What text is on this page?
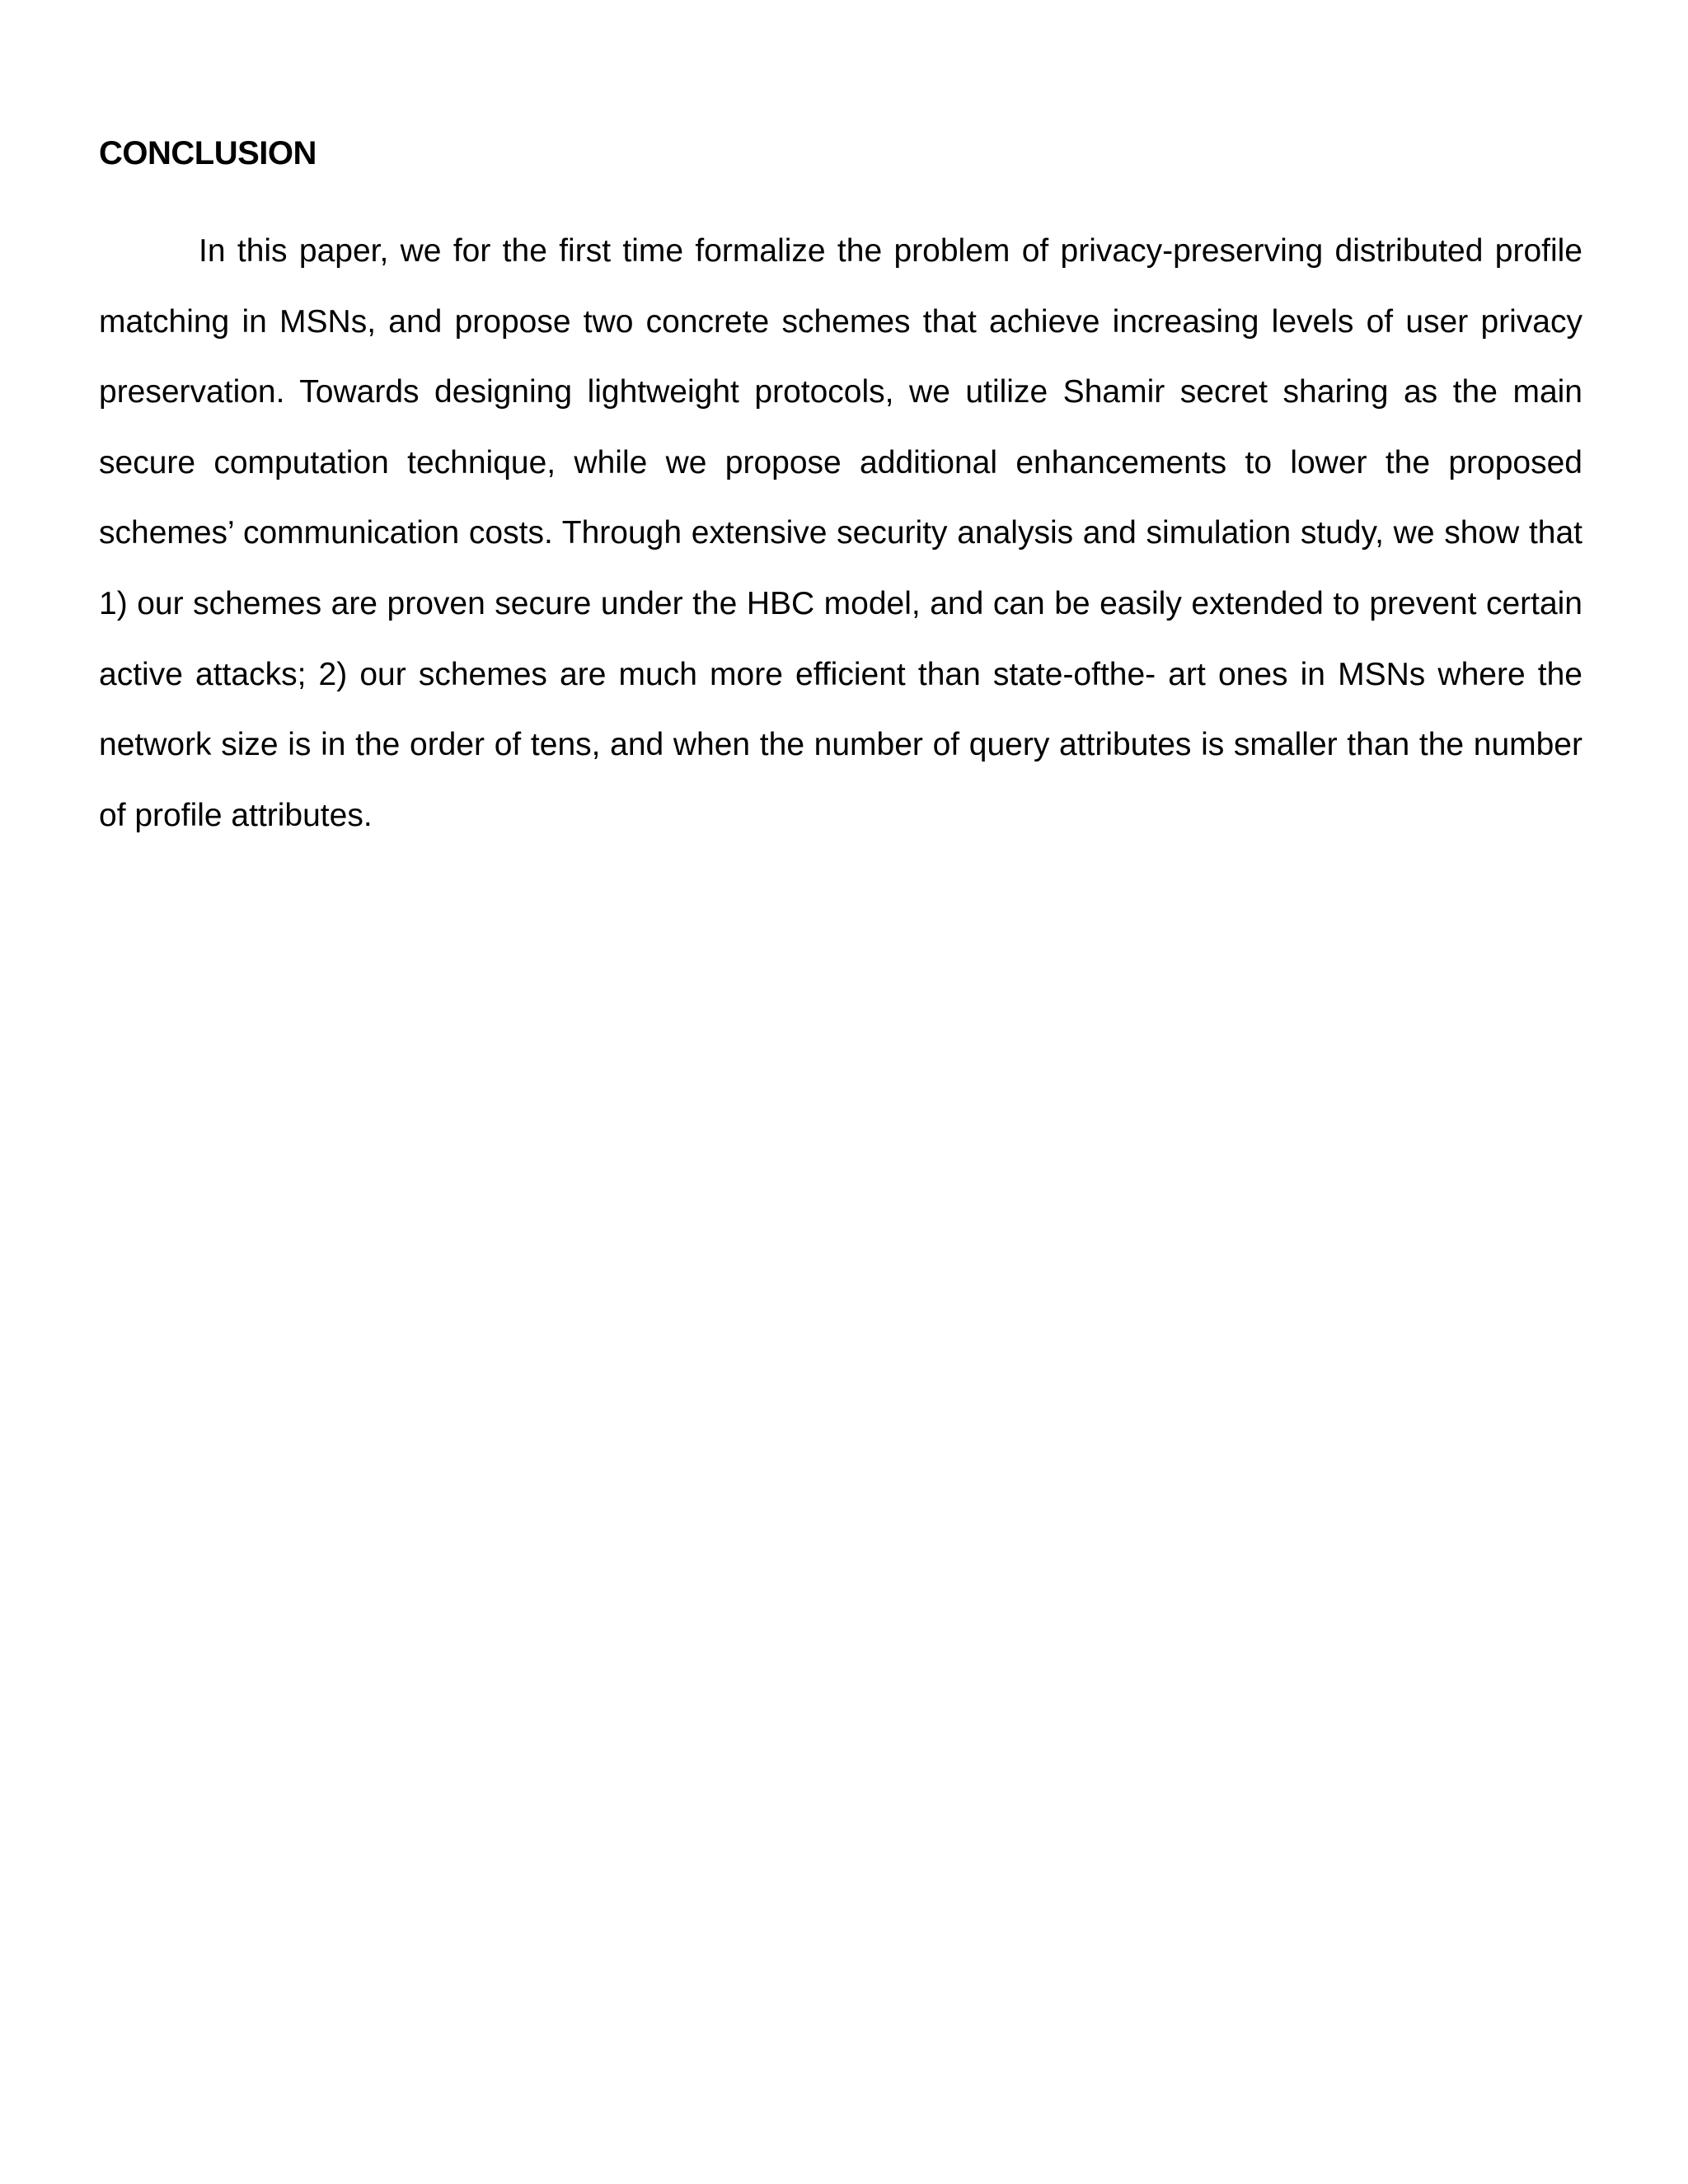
CONCLUSION

In this paper, we for the first time formalize the problem of privacy-preserving distributed profile matching in MSNs, and propose two concrete schemes that achieve increasing levels of user privacy preservation. Towards designing lightweight protocols, we utilize Shamir secret sharing as the main secure computation technique, while we propose additional enhancements to lower the proposed schemes’ communication costs. Through extensive security analysis and simulation study, we show that 1) our schemes are proven secure under the HBC model, and can be easily extended to prevent certain active attacks; 2) our schemes are much more efficient than state-ofthe- art ones in MSNs where the network size is in the order of tens, and when the number of query attributes is smaller than the number of profile attributes.
